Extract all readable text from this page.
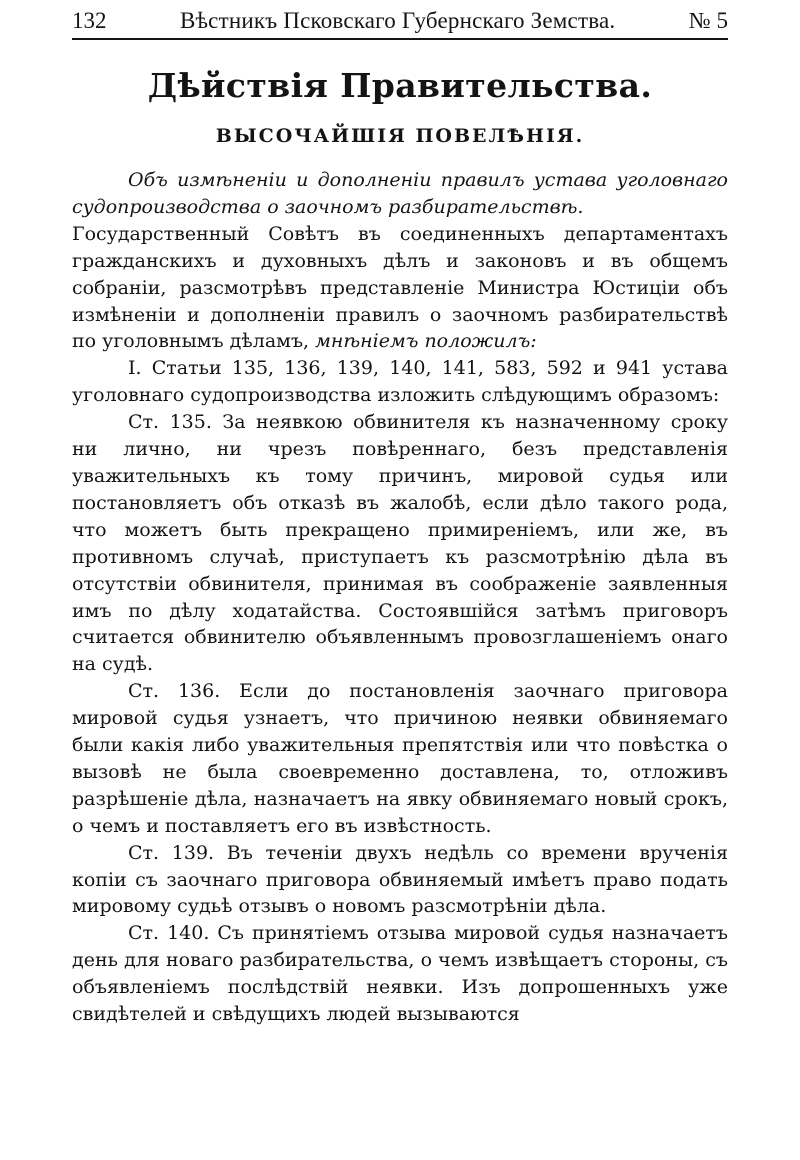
132	Вѣстникъ Псковскаго Губернскаго Земства.	№ 5
Дѣйствія Правительства.
ВЫСОЧАЙШІЯ ПОВЕЛѢНІЯ.

Объ измѣненіи и дополненіи правилъ устава уголовнаго судопроизводства о заочномъ разбирательствѣ.

Государственный Совѣтъ въ соединенныхъ департаментахъ гражданскихъ и духовныхъ дѣлъ и законовъ и въ общемъ собраніи, разсмотрѣвъ представленіе Министра Юстиціи объ измѣненіи и дополненіи правилъ о заочномъ разбирательствѣ по уголовнымъ дѣламъ, мнѣніемъ положилъ:

I. Статьи 135, 136, 139, 140, 141, 583, 592 и 941 устава уголовнаго судопроизводства изложить слѣдующимъ образомъ:

Ст. 135. За неявкою обвинителя къ назначенному сроку ни лично, ни чрезъ повѣреннаго, безъ представленія уважительныхъ къ тому причинъ, мировой судья или постановляетъ объ отказѣ въ жалобѣ, если дѣло такого рода, что можетъ быть прекращено примиреніемъ, или же, въ противномъ случаѣ, приступаетъ къ разсмотрѣнію дѣла въ отсутствіи обвинителя, принимая въ соображеніе заявленныя имъ по дѣлу ходатайства. Состоявшійся затѣмъ приговоръ считается обвинителю объявленнымъ провозглашеніемъ онаго на судѣ.

Ст. 136. Если до постановленія заочнаго приговора мировой судья узнаетъ, что причиною неявки обвиняемаго были какія либо уважительныя препятствія или что повѣстка о вызовѣ не была своевременно доставлена, то, отложивъ разрѣшеніе дѣла, назначаетъ на явку обвиняемаго новый срокъ, о чемъ и поставляетъ его въ извѣстность.

Ст. 139. Въ теченіи двухъ недѣль со времени врученія копіи съ заочнаго приговора обвиняемый имѣетъ право подать мировому судьѣ отзывъ о новомъ разсмотрѣніи дѣла.

Ст. 140. Съ принятіемъ отзыва мировой судья назначаетъ день для новаго разбирательства, о чемъ извѣщаетъ стороны, съ объявленіемъ послѣдствій неявки. Изъ допрошенныхъ уже свидѣтелей и свѣдущихъ людей вызываются
